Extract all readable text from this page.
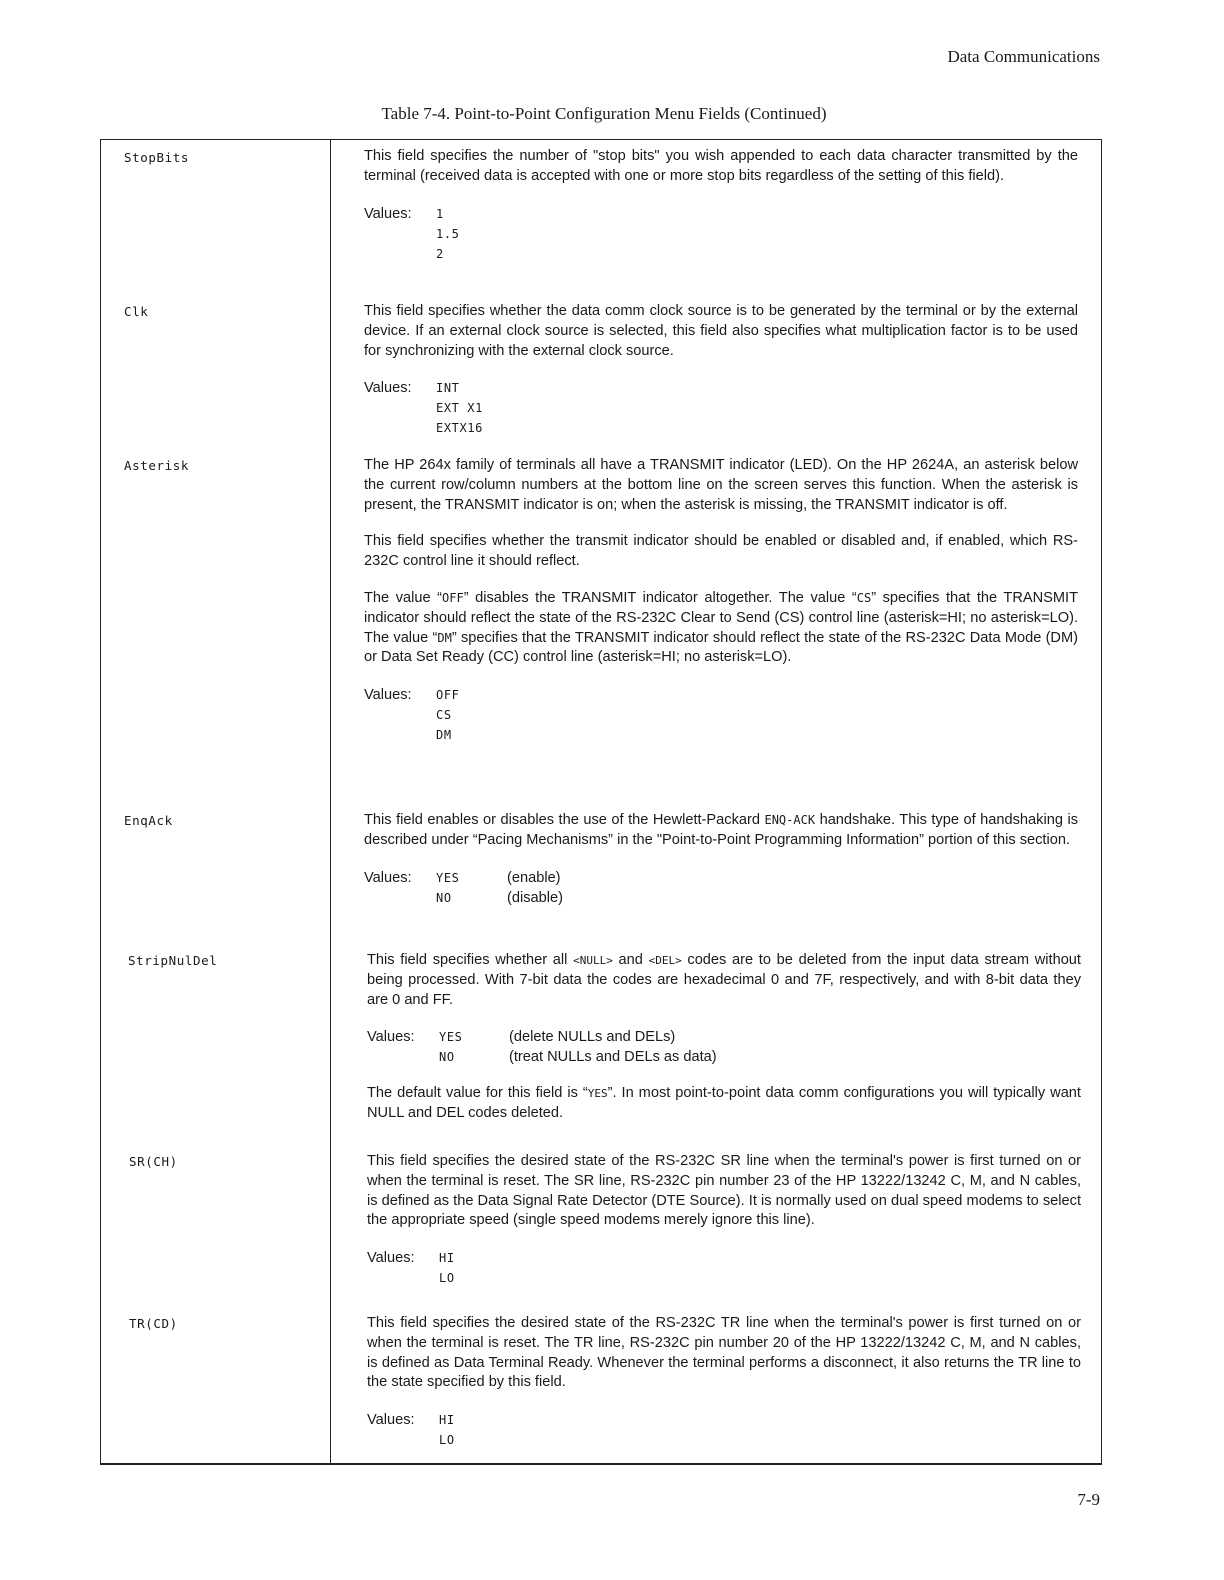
Data Communications
Table 7-4. Point-to-Point Configuration Menu Fields (Continued)
StopBits	This field specifies the number of "stop bits" you wish appended to each data character transmitted by the terminal (received data is accepted with one or more stop bits regardless of the setting of this field).

Values: 1
1.5
2
Clk	This field specifies whether the data comm clock source is to be generated by the terminal or by the external device. If an external clock source is selected, this field also specifies what multiplication factor is to be used for synchronizing with the external clock source.

Values: INT
EXT X1
EXTX16
Asterisk	The HP 264x family of terminals all have a TRANSMIT indicator (LED). On the HP 2624A, an asterisk below the current row/column numbers at the bottom line on the screen serves this function. When the asterisk is present, the TRANSMIT indicator is on; when the asterisk is missing, the TRANSMIT indicator is off.

This field specifies whether the transmit indicator should be enabled or disabled and, if enabled, which RS-232C control line it should reflect.

The value “OFF” disables the TRANSMIT indicator altogether. The value “CS” specifies that the TRANSMIT indicator should reflect the state of the RS-232C Clear to Send (CS) control line (asterisk=HI; no asterisk=LO). The value “DM” specifies that the TRANSMIT indicator should reflect the state of the RS-232C Data Mode (DM) or Data Set Ready (CC) control line (asterisk=HI; no asterisk=LO).

Values: OFF
CS
DM
EnqAck	This field enables or disables the use of the Hewlett-Packard ENQ-ACK handshake. This type of handshaking is described under “Pacing Mechanisms” in the "Point-to-Point Programming Information” portion of this section.

Values: YES	(enable)
NO	(disable)
StripNulDel	This field specifies whether all <NULL> and <DEL> codes are to be deleted from the input data stream without being processed. With 7-bit data the codes are hexadecimal 0 and 7F, respectively, and with 8-bit data they are 0 and FF.

Values: YES	(delete NULLs and DELs)
NO	(treat NULLs and DELs as data)

The default value for this field is “YES”. In most point-to-point data comm configurations you will typically want NULL and DEL codes deleted.

SR(CH)	This field specifies the desired state of the RS-232C SR line when the terminal's power is first turned on or when the terminal is reset. The SR line, RS-232C pin number 23 of the HP 13222/13242 C, M, and N cables, is defined as the Data Signal Rate Detector (DTE Source). It is normally used on dual speed modems to select the appropriate speed (single speed modems merely ignore this line).

Values: HI
LO
TR(CD)	This field specifies the desired state of the RS-232C TR line when the terminal's power is first turned on or when the terminal is reset. The TR line, RS-232C pin number 20 of the HP 13222/13242 C, M, and N cables, is defined as Data Terminal Ready. Whenever the terminal performs a disconnect, it also returns the TR line to the state specified by this field.

Values: HI
LO
7-9
